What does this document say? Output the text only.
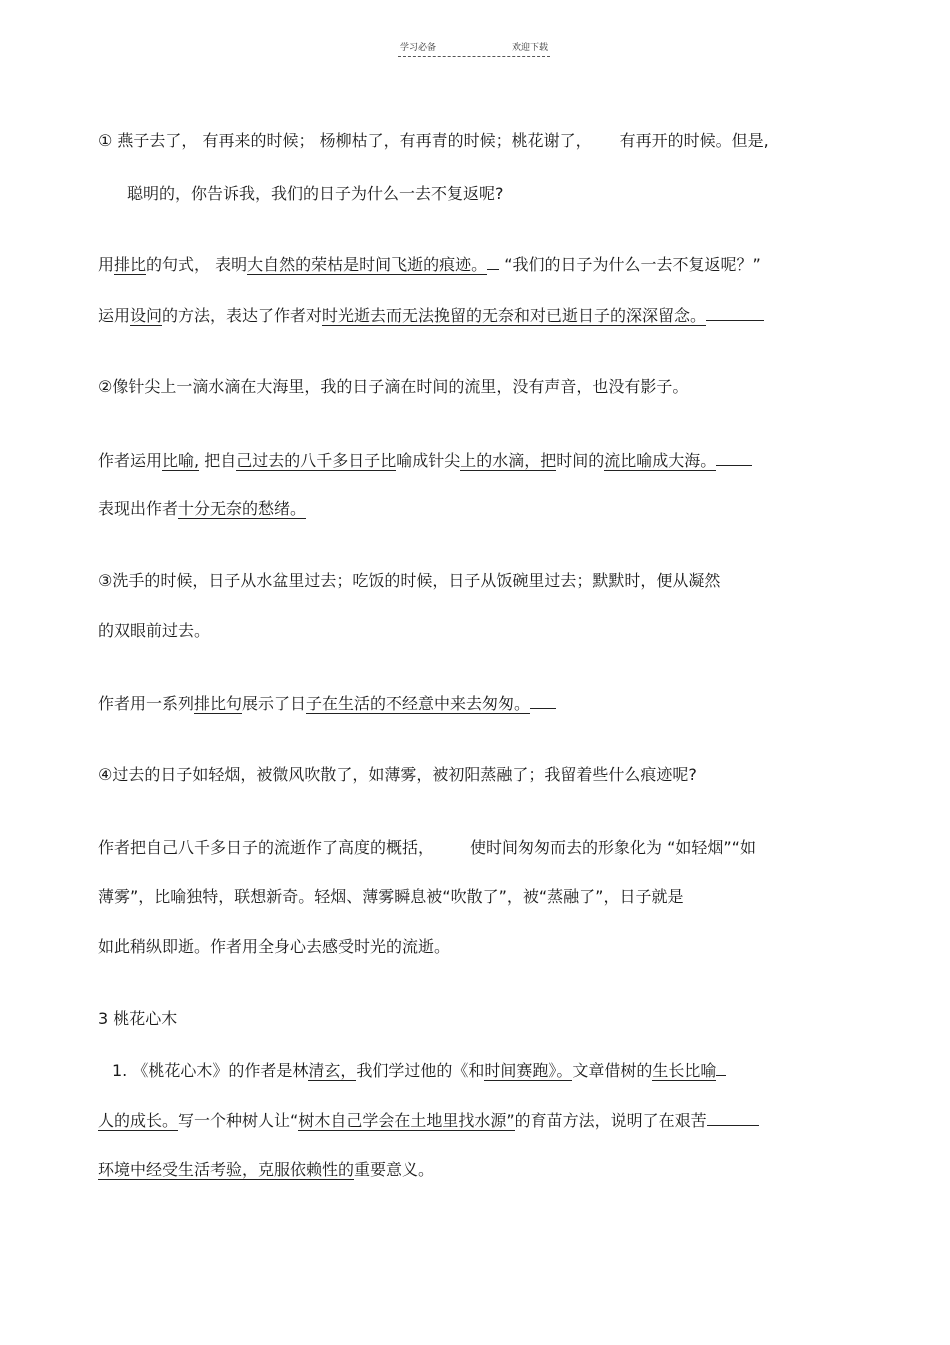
学习必备	欢迎下载
① 燕子去了， 有再来的时候； 杨柳枯了，有再青的时候；桃花谢了， 有再开的时候。但是,
聪明的，你告诉我，我们的日子为什么一去不复返呢?
用排比的句式， 表明大自然的荣枯是时间飞逝的痕迹。 “我们的日子为什么一去不复返呢？”
运用设问的方法，表达了作者对时光逝去而无法挽留的无奈和对已逝日子的深深留念。
②像针尖上一滴水滴在大海里，我的日子滴在时间的流里，没有声音，也没有影子。
作者运用比喻, 把自己过去的八千多日子比喻成针尖上的水滴，把时间的流比喻成大海。
表现出作者十分无奈的愁绪。
③洗手的时候，日子从水盆里过去；吃饭的时候，日子从饭碗里过去；默默时，便从凝然
的双眼前过去。
作者用一系列排比句展示了日子在生活的不经意中来去匆匆。
④过去的日子如轻烟，被微风吹散了，如薄雾，被初阳蒸融了；我留着些什么痕迹呢?
作者把自己八千多日子的流逝作了高度的概括， 使时间匆匆而去的形象化为 “如轻烟”“如
薄雾”，比喻独特，联想新奇。轻烟、薄雾瞬息被“吹散了”，被“蒸融了”，日子就是
如此稍纵即逝。作者用全身心去感受时光的流逝。
3 桃花心木
1. 《桃花心木》的作者是林清玄，我们学过他的《和时间赛跑》。文章借树的生长比喻
人的成长。写一个种树人让“树木自己学会在土地里找水源”的育苗方法，说明了在艰苦
环境中经受生活考验，克服依赖性的重要意义。
